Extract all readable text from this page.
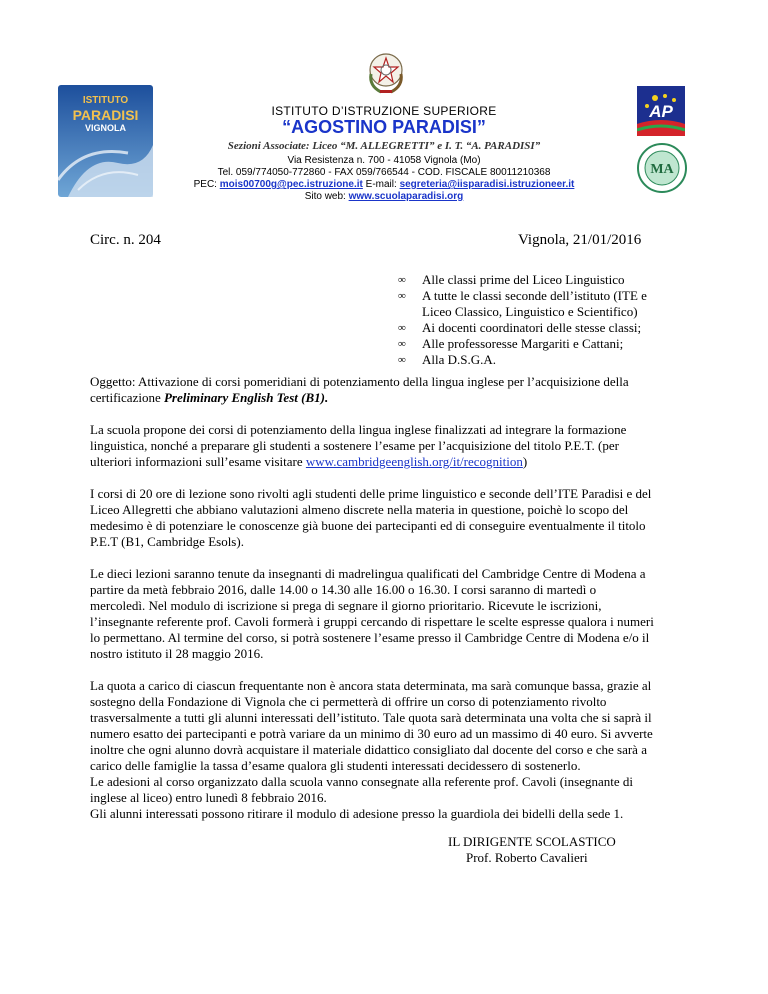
ISTITUTO
PARADISI
VIGNOLA
AP
MA
ISTITUTO D’ISTRUZIONE SUPERIORE
“AGOSTINO PARADISI”
Sezioni Associate: Liceo “M. ALLEGRETTI” e I. T. “A. PARADISI”
Via Resistenza n. 700 - 41058 Vignola (Mo)
Tel. 059/774050-772860 - FAX 059/766544 - COD. FISCALE 80011210368
PEC: mois00700g@pec.istruzione.it E-mail: segreteria@iisparadisi.istruzioneer.it
Sito web: www.scuolaparadisi.org
Circ. n. 204	Vignola, 21/01/2016
∞	Alle classi prime del Liceo Linguistico
∞	A tutte le classi seconde dell’istituto (ITE e
Liceo Classico, Linguistico e Scientifico)
∞	Ai docenti coordinatori delle stesse classi;
∞	Alle professoresse Margariti e Cattani;
∞	Alla D.S.G.A.
Oggetto: Attivazione di corsi pomeridiani di potenziamento della lingua inglese per l’acquisizione della
certificazione Preliminary English Test (B1).
La scuola propone dei corsi di potenziamento della lingua inglese finalizzati ad integrare la formazione
linguistica, nonché a preparare gli studenti a sostenere l’esame per l’acquisizione del titolo P.E.T. (per
ulteriori informazioni sull’esame visitare www.cambridgeenglish.org/it/recognition)
I corsi di 20 ore di lezione sono rivolti agli studenti delle prime linguistico e seconde dell’ITE Paradisi e del
Liceo Allegretti che abbiano valutazioni almeno discrete nella materia in questione, poichè lo scopo del
medesimo è di potenziare le conoscenze già buone dei partecipanti ed di conseguire eventualmente il titolo
P.E.T (B1, Cambridge Esols).
Le dieci lezioni saranno tenute da insegnanti di madrelingua qualificati del Cambridge Centre di Modena a
partire da metà febbraio 2016, dalle 14.00 o 14.30 alle 16.00 o 16.30. I corsi saranno di martedì o
mercoledì. Nel modulo di iscrizione si prega di segnare il giorno prioritario. Ricevute le iscrizioni,
l’insegnante referente prof. Cavoli formerà i gruppi cercando di rispettare le scelte espresse qualora i numeri
lo permettano. Al termine del corso, si potrà sostenere l’esame presso il Cambridge Centre di Modena e/o il
nostro istituto il 28 maggio 2016.
La quota a carico di ciascun frequentante non è ancora stata determinata, ma sarà comunque bassa, grazie al
sostegno della Fondazione di Vignola che ci permetterà di offrire un corso di potenziamento rivolto
trasversalmente a tutti gli alunni interessati dell’istituto. Tale quota sarà determinata una volta che si saprà il
numero esatto dei partecipanti e potrà variare da un minimo di 30 euro ad un massimo di 40 euro. Si avverte
inoltre che ogni alunno dovrà acquistare il materiale didattico consigliato dal docente del corso e che sarà a
carico delle famiglie la tassa d’esame qualora gli studenti interessati decidessero di sostenerlo.
Le adesioni al corso organizzato dalla scuola vanno consegnate alla referente prof. Cavoli (insegnante di
inglese al liceo) entro lunedì 8 febbraio 2016.
Gli alunni interessati possono ritirare il modulo di adesione presso la guardiola dei bidelli della sede 1.
IL DIRIGENTE SCOLASTICO
Prof. Roberto Cavalieri
